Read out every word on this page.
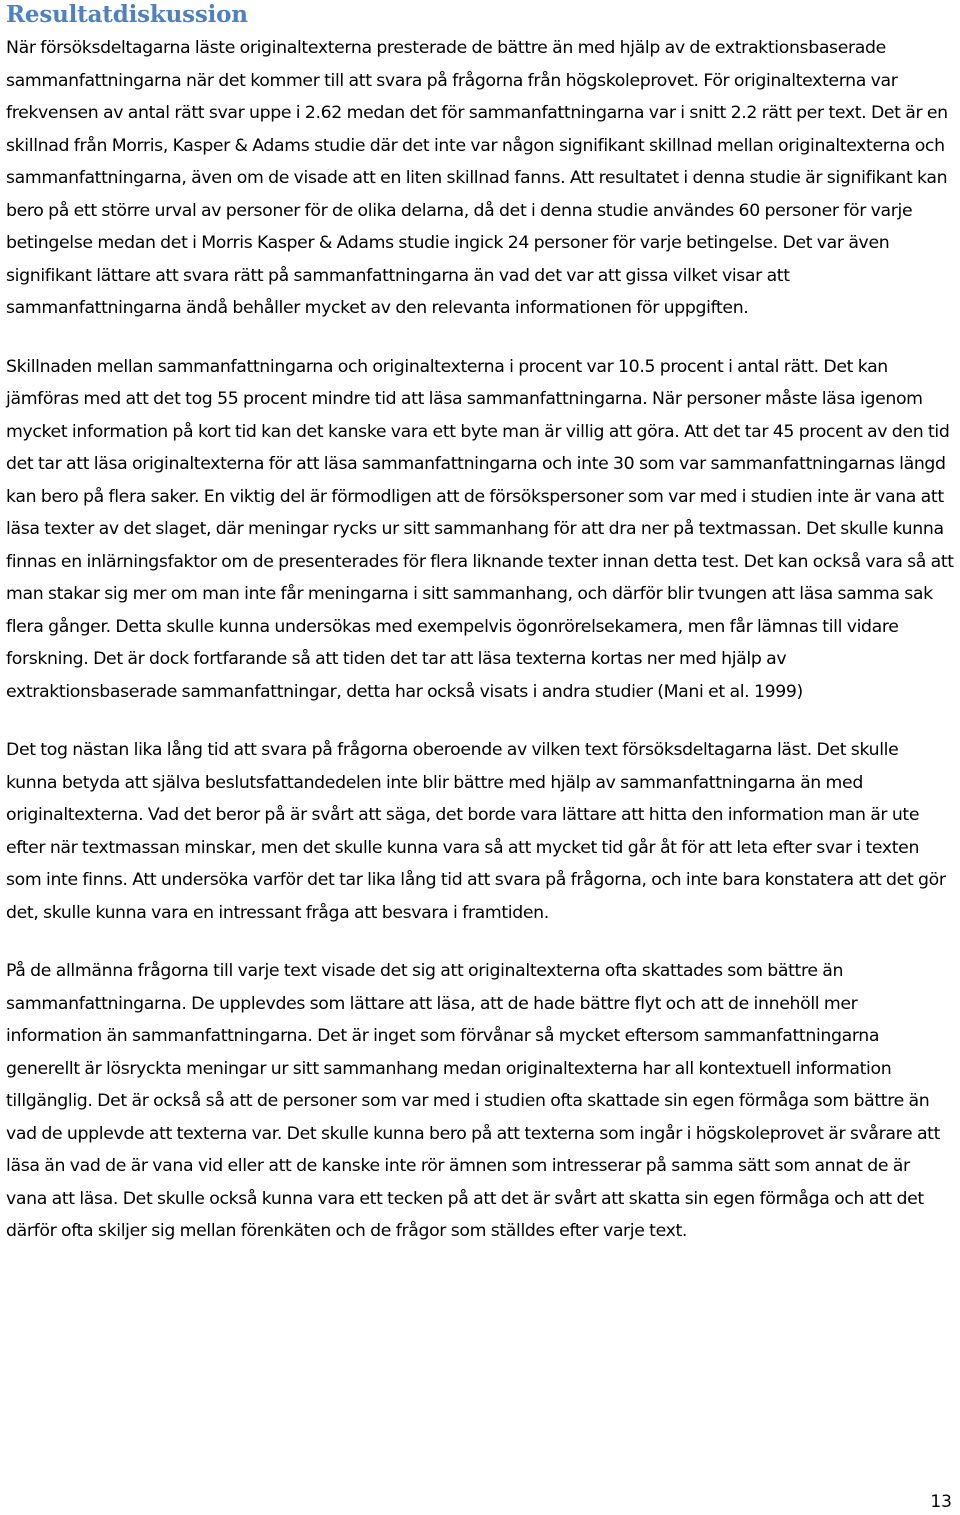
Resultatdiskussion

När försöksdeltagarna läste originaltexterna presterade de bättre än med hjälp av de extraktionsbaserade sammanfattningarna när det kommer till att svara på frågorna från högskoleprovet. För originaltexterna var frekvensen av antal rätt svar uppe i 2.62 medan det för sammanfattningarna var i snitt 2.2 rätt per text. Det är en skillnad från Morris, Kasper & Adams studie där det inte var någon signifikant skillnad mellan originaltexterna och sammanfattningarna, även om de visade att en liten skillnad fanns. Att resultatet i denna studie är signifikant kan bero på ett större urval av personer för de olika delarna, då det i denna studie användes 60 personer för varje betingelse medan det i Morris Kasper & Adams studie ingick 24 personer för varje betingelse. Det var även signifikant lättare att svara rätt på sammanfattningarna än vad det var att gissa vilket visar att sammanfattningarna ändå behåller mycket av den relevanta informationen för uppgiften.

Skillnaden mellan sammanfattningarna och originaltexterna i procent var 10.5 procent i antal rätt. Det kan jämföras med att det tog 55 procent mindre tid att läsa sammanfattningarna. När personer måste läsa igenom mycket information på kort tid kan det kanske vara ett byte man är villig att göra. Att det tar 45 procent av den tid det tar att läsa originaltexterna för att läsa sammanfattningarna och inte 30 som var sammanfattningarnas längd kan bero på flera saker. En viktig del är förmodligen att de försökspersoner som var med i studien inte är vana att läsa texter av det slaget, där meningar rycks ur sitt sammanhang för att dra ner på textmassan. Det skulle kunna finnas en inlärningsfaktor om de presenterades för flera liknande texter innan detta test. Det kan också vara så att man stakar sig mer om man inte får meningarna i sitt sammanhang, och därför blir tvungen att läsa samma sak flera gånger. Detta skulle kunna undersökas med exempelvis ögonrörelsekamera, men får lämnas till vidare forskning. Det är dock fortfarande så att tiden det tar att läsa texterna kortas ner med hjälp av extraktionsbaserade sammanfattningar, detta har också visats i andra studier (Mani et al. 1999)

Det tog nästan lika lång tid att svara på frågorna oberoende av vilken text försöksdeltagarna läst. Det skulle kunna betyda att själva beslutsfattandedelen inte blir bättre med hjälp av sammanfattningarna än med originaltexterna. Vad det beror på är svårt att säga, det borde vara lättare att hitta den information man är ute efter när textmassan minskar, men det skulle kunna vara så att mycket tid går åt för att leta efter svar i texten som inte finns. Att undersöka varför det tar lika lång tid att svara på frågorna, och inte bara konstatera att det gör det, skulle kunna vara en intressant fråga att besvara i framtiden.

På de allmänna frågorna till varje text visade det sig att originaltexterna ofta skattades som bättre än sammanfattningarna. De upplevdes som lättare att läsa, att de hade bättre flyt och att de innehöll mer information än sammanfattningarna. Det är inget som förvånar så mycket eftersom sammanfattningarna generellt är lösryckta meningar ur sitt sammanhang medan originaltexterna har all kontextuell information tillgänglig. Det är också så att de personer som var med i studien ofta skattade sin egen förmåga som bättre än vad de upplevde att texterna var. Det skulle kunna bero på att texterna som ingår i högskoleprovet är svårare att läsa än vad de är vana vid eller att de kanske inte rör ämnen som intresserar på samma sätt som annat de är vana att läsa. Det skulle också kunna vara ett tecken på att det är svårt att skatta sin egen förmåga och att det därför ofta skiljer sig mellan förenkäten och de frågor som ställdes efter varje text.

13
